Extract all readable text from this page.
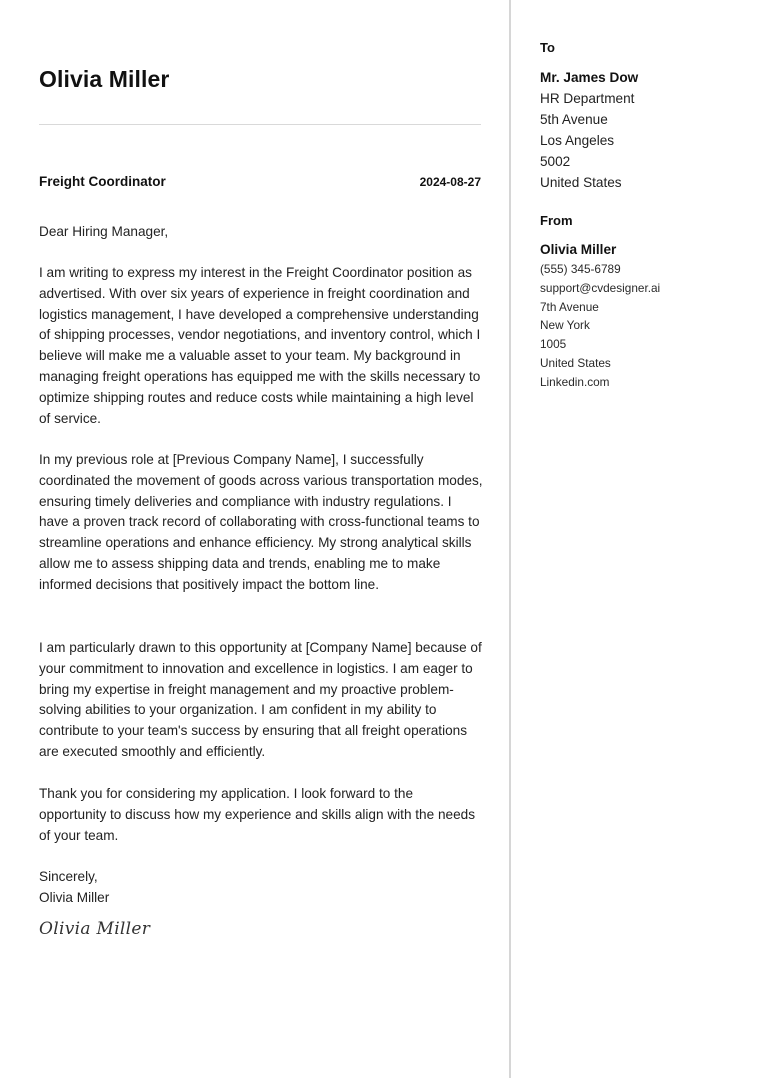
Olivia Miller
Freight Coordinator	2024-08-27
Dear Hiring Manager,
I am writing to express my interest in the Freight Coordinator position as advertised. With over six years of experience in freight coordination and logistics management, I have developed a comprehensive understanding of shipping processes, vendor negotiations, and inventory control, which I believe will make me a valuable asset to your team. My background in managing freight operations has equipped me with the skills necessary to optimize shipping routes and reduce costs while maintaining a high level of service.
In my previous role at [Previous Company Name], I successfully coordinated the movement of goods across various transportation modes, ensuring timely deliveries and compliance with industry regulations. I have a proven track record of collaborating with cross-functional teams to streamline operations and enhance efficiency. My strong analytical skills allow me to assess shipping data and trends, enabling me to make informed decisions that positively impact the bottom line.
I am particularly drawn to this opportunity at [Company Name] because of your commitment to innovation and excellence in logistics. I am eager to bring my expertise in freight management and my proactive problem-solving abilities to your organization. I am confident in my ability to contribute to your team's success by ensuring that all freight operations are executed smoothly and efficiently.
Thank you for considering my application. I look forward to the opportunity to discuss how my experience and skills align with the needs of your team.
Sincerely,
Olivia Miller
Olivia Miller
To
Mr. James Dow
HR Department
5th Avenue
Los Angeles
5002
United States
From
Olivia Miller
(555) 345-6789
support@cvdesigner.ai
7th Avenue
New York
1005
United States
Linkedin.com
